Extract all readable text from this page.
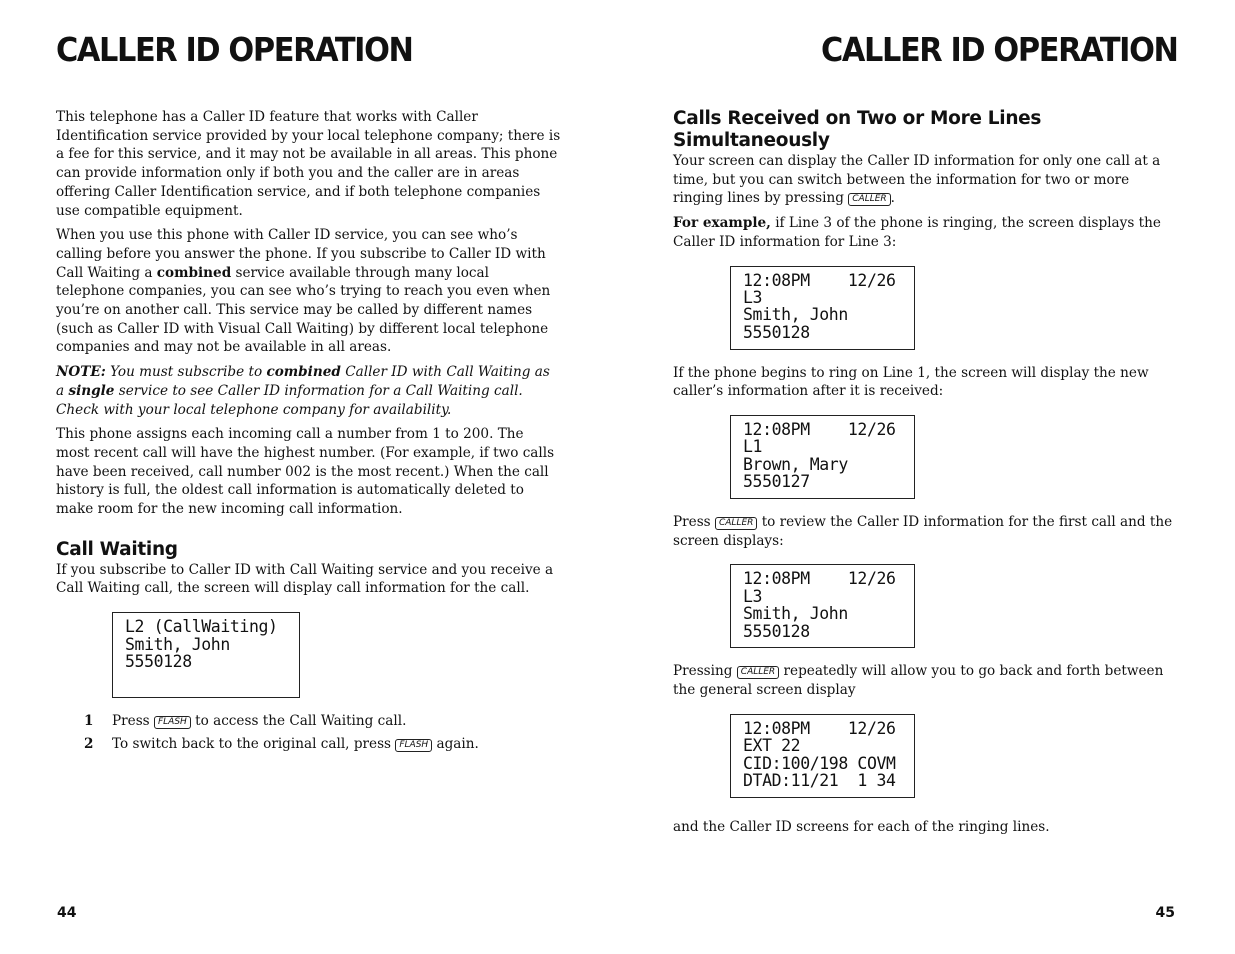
CALLER ID OPERATION	CALLER ID OPERATION

This telephone has a Caller ID feature that works with Caller Identification service provided by your local telephone company; there is a fee for this service, and it may not be available in all areas. This phone can provide information only if both you and the caller are in areas offering Caller Identification service, and if both telephone companies use compatible equipment.

When you use this phone with Caller ID service, you can see who’s calling before you answer the phone. If you subscribe to Caller ID with Call Waiting a combined service available through many local telephone companies, you can see who’s trying to reach you even when you’re on another call. This service may be called by different names (such as Caller ID with Visual Call Waiting) by different local telephone companies and may not be available in all areas.

NOTE: You must subscribe to combined Caller ID with Call Waiting as a single service to see Caller ID information for a Call Waiting call. Check with your local telephone company for availability.

This phone assigns each incoming call a number from 1 to 200. The most recent call will have the highest number. (For example, if two calls have been received, call number 002 is the most recent.) When the call history is full, the oldest call information is automatically deleted to make room for the new incoming call information.

Call Waiting

If you subscribe to Caller ID with Call Waiting service and you receive a Call Waiting call, the screen will display call information for the call.

L2 (CallWaiting)
Smith, John
5550128
1	Press FLASH to access the Call Waiting call.
2	To switch back to the original call, press FLASH again.
Calls Received on Two or More Lines Simultaneously

Your screen can display the Caller ID information for only one call at a time, but you can switch between the information for two or more ringing lines by pressing CALLER .

For example, if Line 3 of the phone is ringing, the screen displays the Caller ID information for Line 3:

12:08PM    12/26
L3
Smith, John
5550128

If the phone begins to ring on Line 1, the screen will display the new caller’s information after it is received:

12:08PM    12/26
L1
Brown, Mary
5550127

Press CALLER to review the Caller ID information for the first call and the screen displays:

12:08PM    12/26
L3
Smith, John
5550128

Pressing CALLER repeatedly will allow you to go back and forth between the general screen display

12:08PM    12/26
EXT 22
CID:100/198 COVM
DTAD:11/21  1 34

and the Caller ID screens for each of the ringing lines.

44	45
